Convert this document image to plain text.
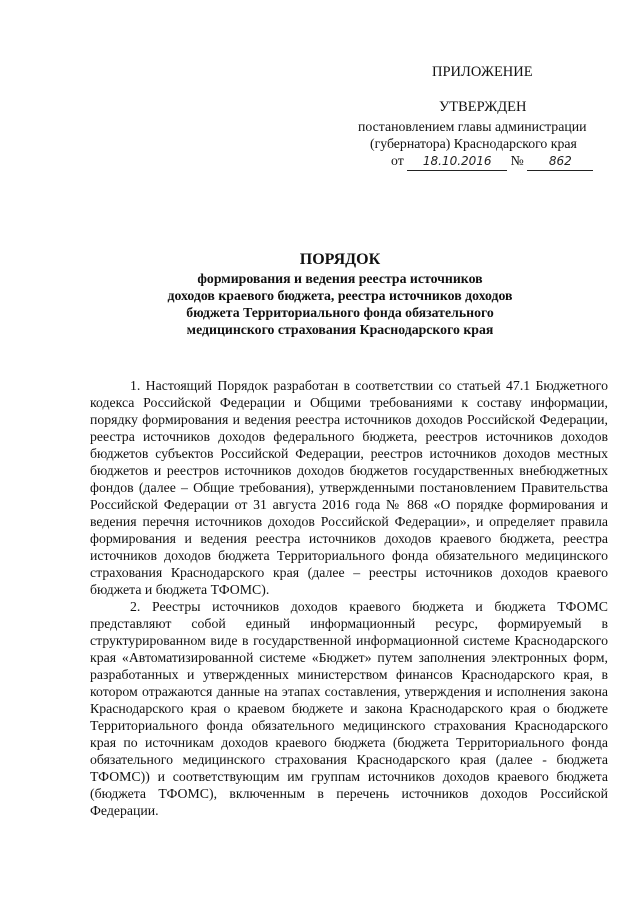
ПРИЛОЖЕНИЕ
УТВЕРЖДЕН
постановлением главы администрации
(губернатора) Краснодарского края
от 18.10.2016 № 862
ПОРЯДОК
формирования и ведения реестра источников
доходов краевого бюджета, реестра источников доходов
бюджета Территориального фонда обязательного
медицинского страхования Краснодарского края

1. Настоящий Порядок разработан в соответствии со статьей 47.1 Бюджетного кодекса Российской Федерации и Общими требованиями к составу информации, порядку формирования и ведения реестра источников доходов Российской Федерации, реестра источников доходов федерального бюджета, реестров источников доходов бюджетов субъектов Российской Федерации, реестров источников доходов местных бюджетов и реестров источников доходов бюджетов государственных внебюджетных фондов (далее – Общие требования), утвержденными постановлением Правительства Российской Федерации от 31 августа 2016 года № 868 «О порядке формирования и ведения перечня источников доходов Российской Федерации», и определяет правила формирования и ведения реестра источников доходов краевого бюджета, реестра источников доходов бюджета Территориального фонда обязательного медицинского страхования Краснодарского края (далее – реестры источников доходов краевого бюджета и бюджета ТФОМС).

2. Реестры источников доходов краевого бюджета и бюджета ТФОМС представляют собой единый информационный ресурс, формируемый в структурированном виде в государственной информационной системе Краснодарского края «Автоматизированной системе «Бюджет» путем заполнения электронных форм, разработанных и утвержденных министерством финансов Краснодарского края, в котором отражаются данные на этапах составления, утверждения и исполнения закона Краснодарского края о краевом бюджете и закона Краснодарского края о бюджете Территориального фонда обязательного медицинского страхования Краснодарского края по источникам доходов краевого бюджета (бюджета Территориального фонда обязательного медицинского страхования Краснодарского края (далее - бюджета ТФОМС)) и соответствующим им группам источников доходов краевого бюджета (бюджета ТФОМС), включенным в перечень источников доходов Российской Федерации.
